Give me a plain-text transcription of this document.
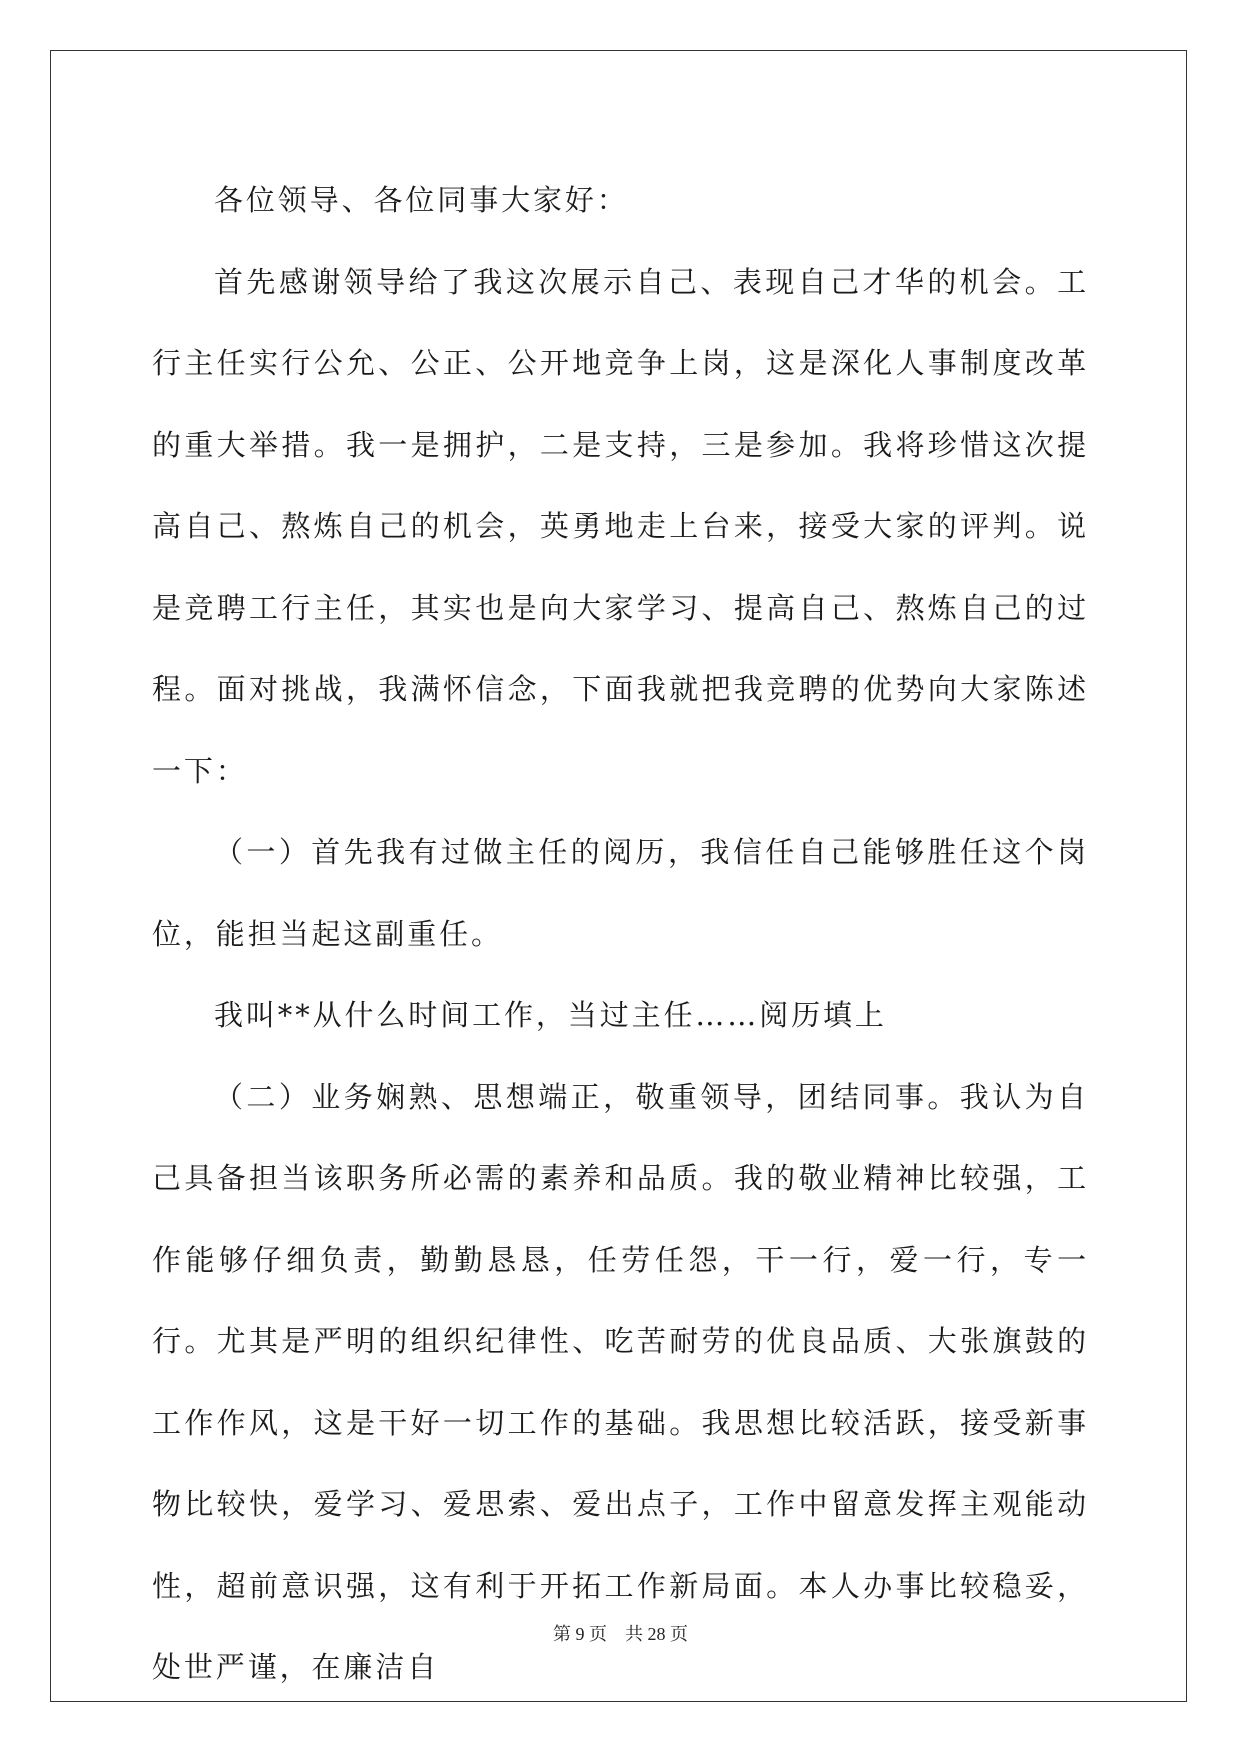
各位领导、各位同事大家好：

首先感谢领导给了我这次展示自己、表现自己才华的机会。工行主任实行公允、公正、公开地竞争上岗，这是深化人事制度改革的重大举措。我一是拥护，二是支持，三是参加。我将珍惜这次提高自己、熬炼自己的机会，英勇地走上台来，接受大家的评判。说是竞聘工行主任，其实也是向大家学习、提高自己、熬炼自己的过程。面对挑战，我满怀信念，下面我就把我竞聘的优势向大家陈述一下：

（一）首先我有过做主任的阅历，我信任自己能够胜任这个岗位，能担当起这副重任。

我叫**从什么时间工作，当过主任……阅历填上

（二）业务娴熟、思想端正，敬重领导，团结同事。我认为自己具备担当该职务所必需的素养和品质。我的敬业精神比较强，工作能够仔细负责，勤勤恳恳，任劳任怨，干一行，爱一行，专一行。尤其是严明的组织纪律性、吃苦耐劳的优良品质、大张旗鼓的工作作风，这是干好一切工作的基础。我思想比较活跃，接受新事物比较快，爱学习、爱思索、爱出点子，工作中留意发挥主观能动性，超前意识强，这有利于开拓工作新局面。本人办事比较稳妥，处世严谨，在廉洁自

第 9 页    共 28 页
